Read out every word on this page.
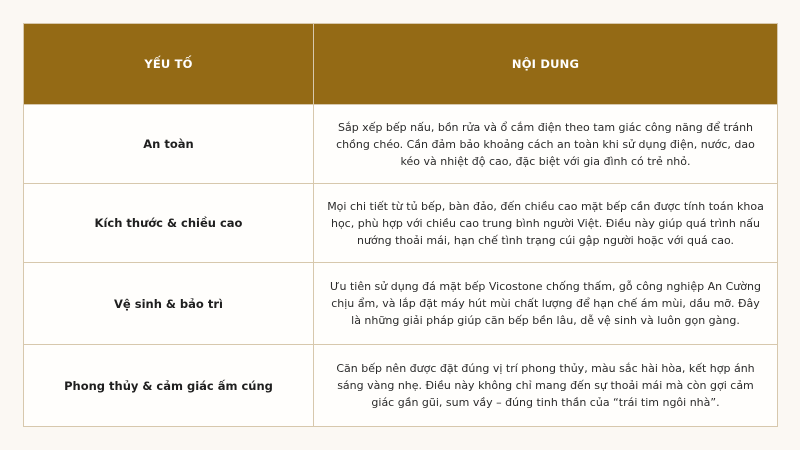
YẾU TỐ	NỘI DUNG
An toàn	Sắp xếp bếp nấu, bồn rửa và ổ cắm điện theo tam giác công năng để tránh chồng chéo. Cần đảm bảo khoảng cách an toàn khi sử dụng điện, nước, dao kéo và nhiệt độ cao, đặc biệt với gia đình có trẻ nhỏ.
Kích thước & chiều cao	Mọi chi tiết từ tủ bếp, bàn đảo, đến chiều cao mặt bếp cần được tính toán khoa học, phù hợp với chiều cao trung bình người Việt. Điều này giúp quá trình nấu nướng thoải mái, hạn chế tình trạng cúi gập người hoặc với quá cao.
Vệ sinh & bảo trì	Ưu tiên sử dụng đá mặt bếp Vicostone chống thấm, gỗ công nghiệp An Cường chịu ẩm, và lắp đặt máy hút mùi chất lượng để hạn chế ám mùi, dầu mỡ. Đây là những giải pháp giúp căn bếp bền lâu, dễ vệ sinh và luôn gọn gàng.
Phong thủy & cảm giác ấm cúng	Căn bếp nên được đặt đúng vị trí phong thủy, màu sắc hài hòa, kết hợp ánh sáng vàng nhẹ. Điều này không chỉ mang đến sự thoải mái mà còn gợi cảm giác gần gũi, sum vầy – đúng tinh thần của “trái tim ngôi nhà”.
